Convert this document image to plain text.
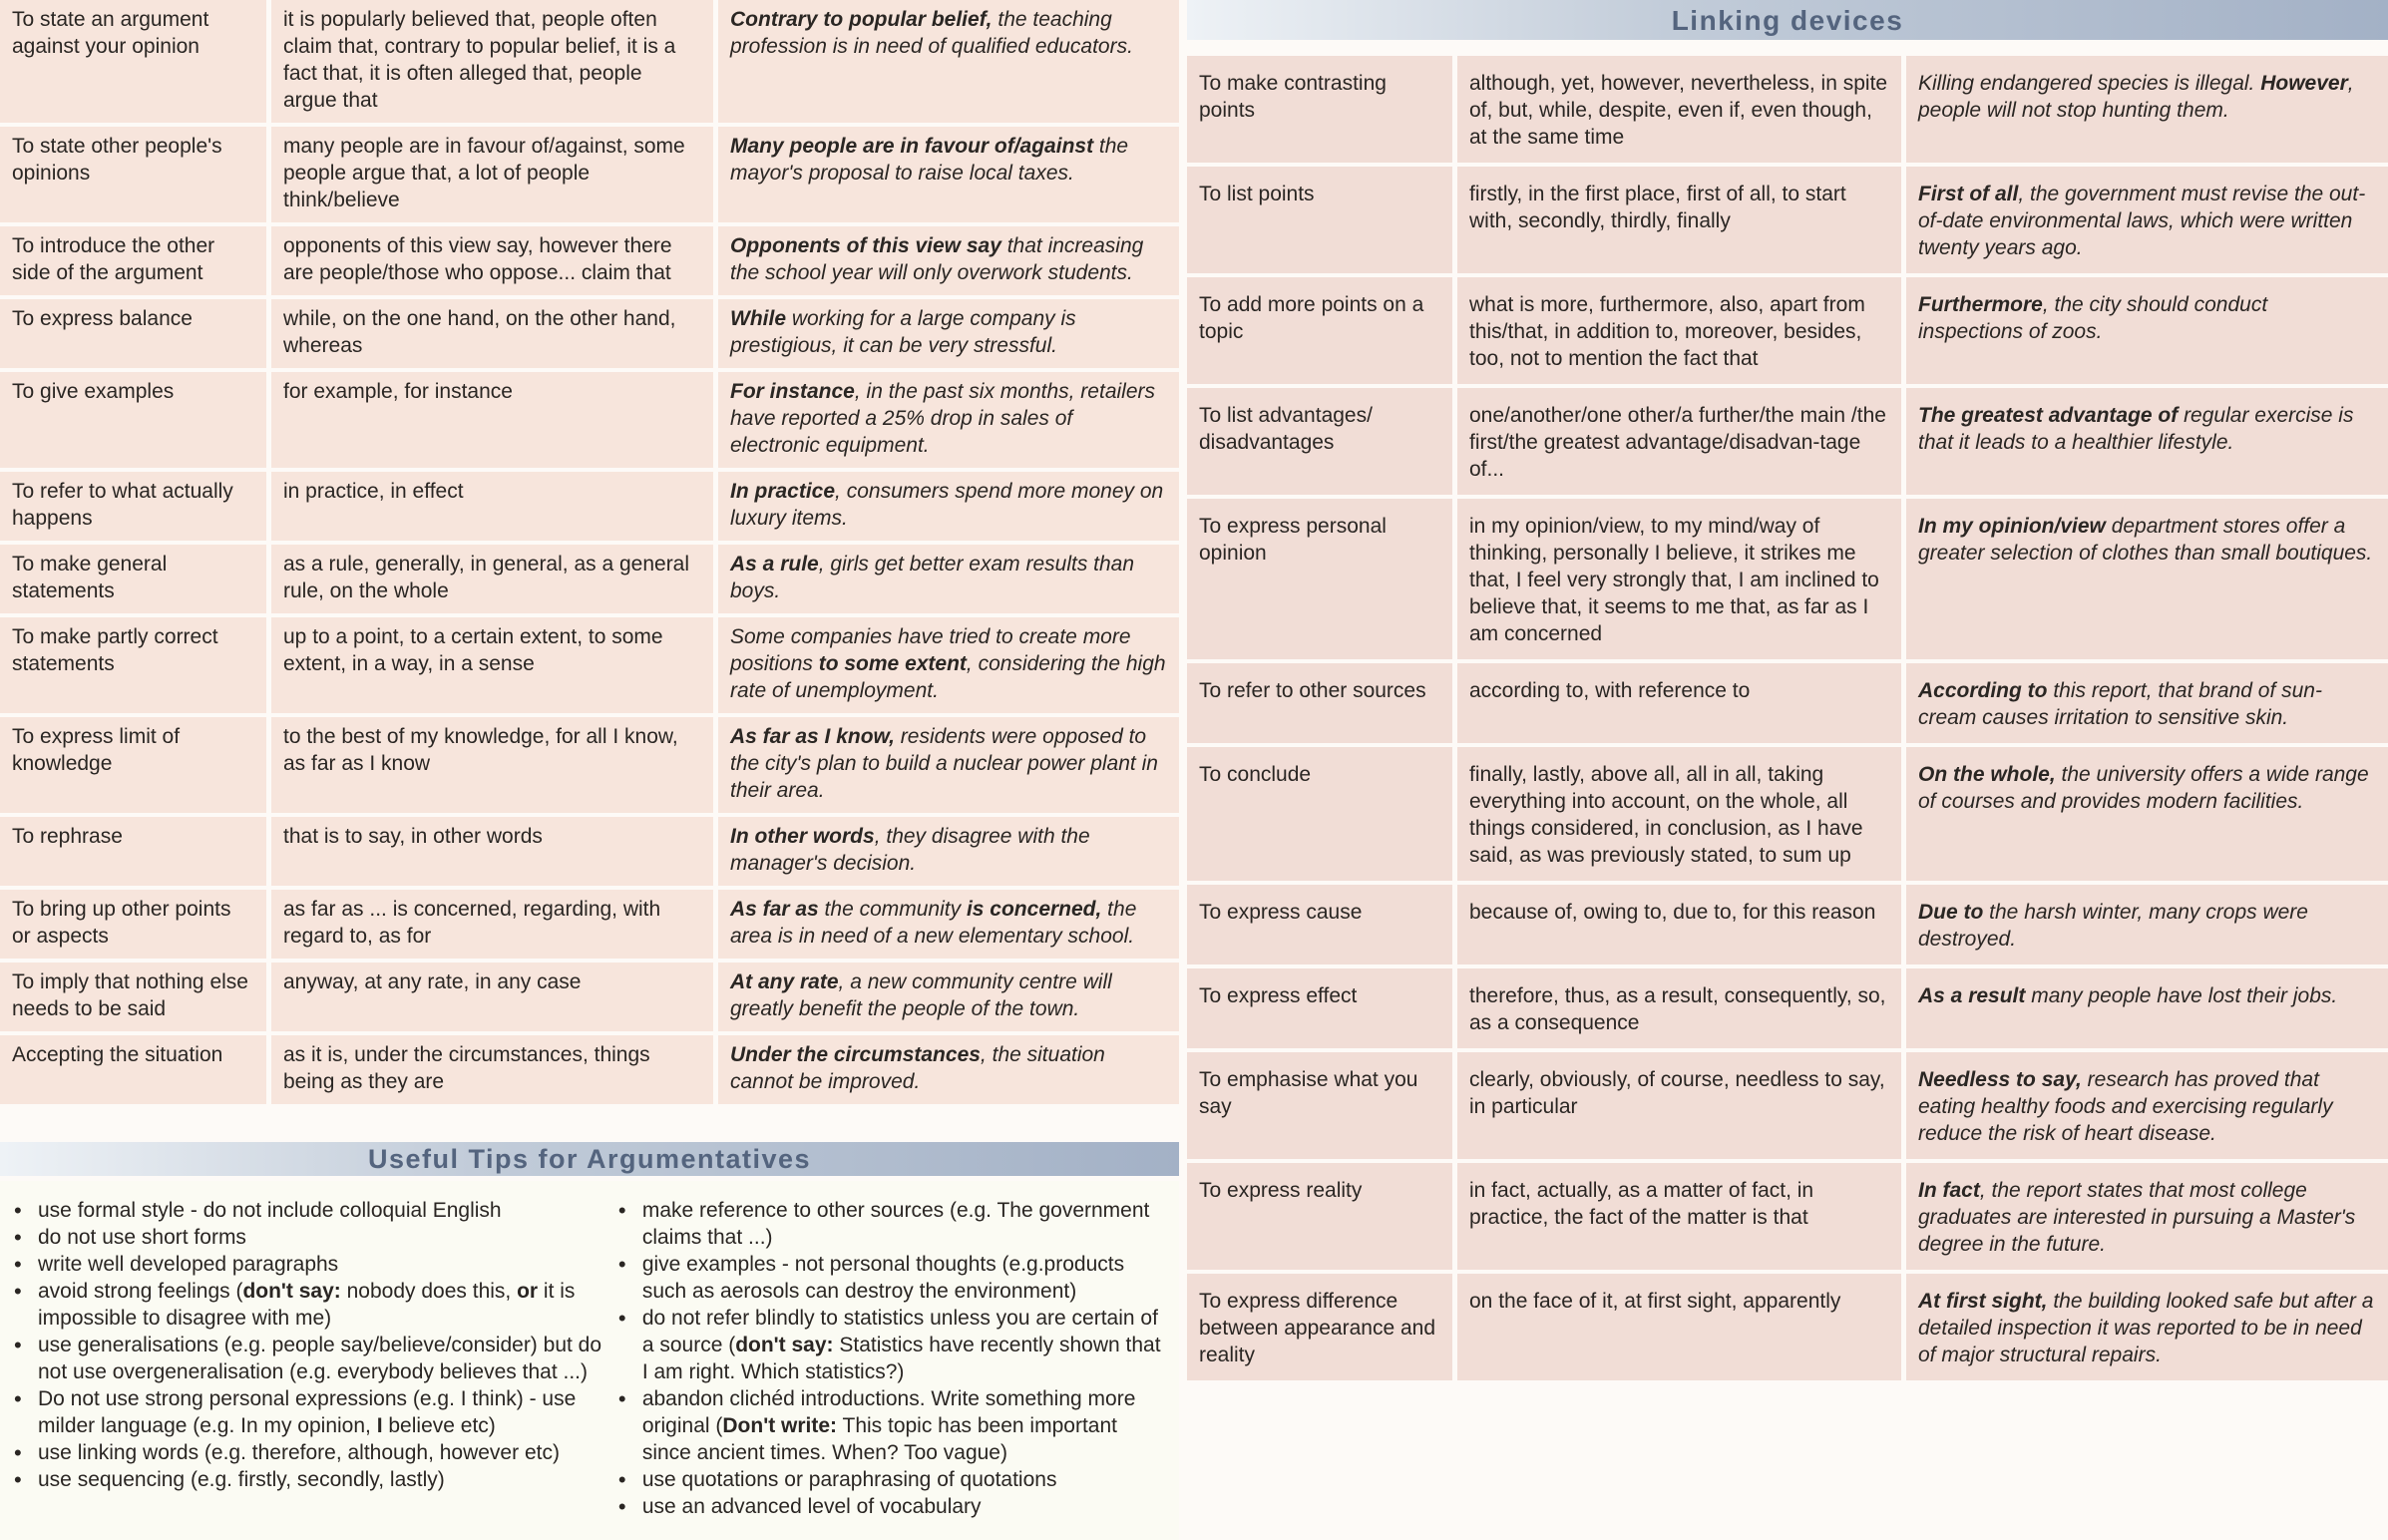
To state an argument against your opinion	it is popularly believed that, people often claim that, contrary to popular belief, it is a fact that, it is often alleged that, people argue that	Contrary to popular belief, the teaching profession is in need of qualified educators.
To state other people's opinions	many people are in favour of/against, some people argue that, a lot of people think/believe	Many people are in favour of/against the mayor's proposal to raise local taxes.
To introduce the other side of the argument	opponents of this view say, however there are people/those who oppose... claim that	Opponents of this view say that increasing the school year will only overwork students.
To express balance	while, on the one hand, on the other hand, whereas	While working for a large company is prestigious, it can be very stressful.
To give examples	for example, for instance	For instance, in the past six months, retailers have reported a 25% drop in sales of electronic equipment.
To refer to what actually happens	in practice, in effect	In practice, consumers spend more money on luxury items.
To make general statements	as a rule, generally, in general, as a general rule, on the whole	As a rule, girls get better exam results than boys.
To make partly correct statements	up to a point, to a certain extent, to some extent, in a way, in a sense	Some companies have tried to create more positions to some extent, considering the high rate of unemployment.
To express limit of knowledge	to the best of my knowledge, for all I know, as far as I know	As far as I know, residents were opposed to the city's plan to build a nuclear power plant in their area.
To rephrase	that is to say, in other words	In other words, they disagree with the manager's decision.
To bring up other points or aspects	as far as ... is concerned, regarding, with regard to, as for	As far as the community is concerned, the area is in need of a new elementary school.
To imply that nothing else needs to be said	anyway, at any rate, in any case	At any rate, a new community centre will greatly benefit the people of the town.
Accepting the situation	as it is, under the circumstances, things being as they are	Under the circumstances, the situation cannot be improved.
Useful Tips for Argumentatives
• use formal style - do not include colloquial English
• do not use short forms
• write well developed paragraphs
• avoid strong feelings (don't say: nobody does this, or it is impossible to disagree with me)
• use generalisations (e.g. people say/believe/consider) but do not use overgeneralisation (e.g. everybody believes that ...)
• Do not use strong personal expressions (e.g. I think) - use milder language (e.g. In my opinion, I believe etc)
• use linking words (e.g. therefore, although, however etc)
• use sequencing (e.g. firstly, secondly, lastly)
• make reference to other sources (e.g. The government claims that ...)
• give examples - not personal thoughts (e.g.products such as aerosols can destroy the environment)
• do not refer blindly to statistics unless you are certain of a source (don't say: Statistics have recently shown that I am right. Which statistics?)
• abandon clichéd introductions. Write something more original (Don't write: This topic has been important since ancient times. When? Too vague)
• use quotations or paraphrasing of quotations
• use an advanced level of vocabulary
Linking devices
To make contrasting points	although, yet, however, nevertheless, in spite of, but, while, despite, even if, even though, at the same time	Killing endangered species is illegal. However, people will not stop hunting them.
To list points	firstly, in the first place, first of all, to start with, secondly, thirdly, finally	First of all, the government must revise the out-of-date environmental laws, which were written twenty years ago.
To add more points on a topic	what is more, furthermore, also, apart from this/that, in addition to, moreover, besides, too, not to mention the fact that	Furthermore, the city should conduct inspections of zoos.
To list advantages/ disadvantages	one/another/one other/a further/the main /the first/the greatest advantage/disadvan-tage of...	The greatest advantage of regular exercise is that it leads to a healthier lifestyle.
To express personal opinion	in my opinion/view, to my mind/way of thinking, personally I believe, it strikes me that, I feel very strongly that, I am inclined to believe that, it seems to me that, as far as I am concerned	In my opinion/view department stores offer a greater selection of clothes than small boutiques.
To refer to other sources	according to, with reference to	According to this report, that brand of sun-cream causes irritation to sensitive skin.
To conclude	finally, lastly, above all, all in all, taking everything into account, on the whole, all things considered, in conclusion, as I have said, as was previously stated, to sum up	On the whole, the university offers a wide range of courses and provides modern facilities.
To express cause	because of, owing to, due to, for this reason	Due to the harsh winter, many crops were destroyed.
To express effect	therefore, thus, as a result, consequently, so, as a consequence	As a result many people have lost their jobs.
To emphasise what you say	clearly, obviously, of course, needless to say, in particular	Needless to say, research has proved that eating healthy foods and exercising regularly reduce the risk of heart disease.
To express reality	in fact, actually, as a matter of fact, in practice, the fact of the matter is that	In fact, the report states that most college graduates are interested in pursuing a Master's degree in the future.
To express difference between appearance and reality	on the face of it, at first sight, apparently	At first sight, the building looked safe but after a detailed inspection it was reported to be in need of major structural repairs.
